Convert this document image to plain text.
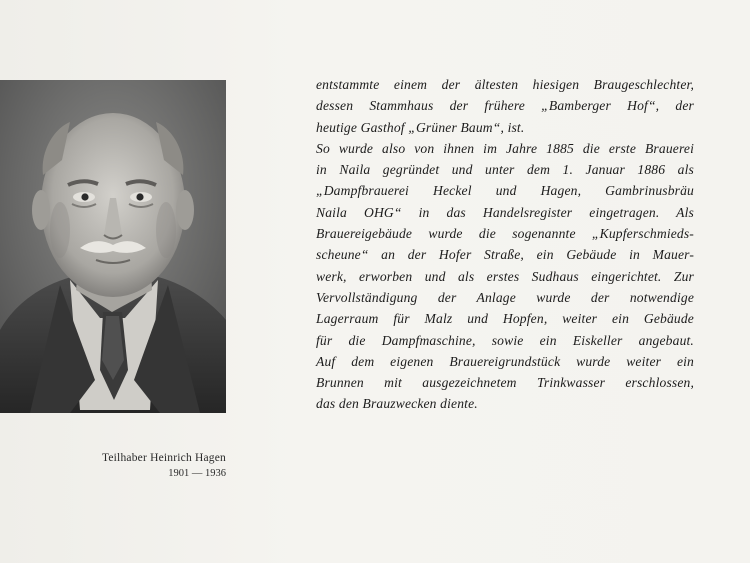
Teilhaber Heinrich Hagen
1901 — 1936
entstammte einem der ältesten hiesigen Braugeschlechter,
dessen Stammhaus der frühere „Bamberger Hof“, der
heutige Gasthof „Grüner Baum“, ist.
So wurde also von ihnen im Jahre 1885 die erste Brauerei
in Naila gegründet und unter dem 1. Januar 1886 als
„Dampfbrauerei Heckel und Hagen, Gambrinusbräu
Naila OHG“ in das Handelsregister eingetragen. Als
Brauereigebäude wurde die sogenannte „Kupferschmieds-
scheune“ an der Hofer Straße, ein Gebäude in Mauer-
werk, erworben und als erstes Sudhaus eingerichtet. Zur
Vervollständigung der Anlage wurde der notwendige
Lagerraum für Malz und Hopfen, weiter ein Gebäude
für die Dampfmaschine, sowie ein Eiskeller angebaut.
Auf dem eigenen Brauereigrundstück wurde weiter ein
Brunnen mit ausgezeichnetem Trinkwasser erschlossen,
das den Brauzwecken diente.
